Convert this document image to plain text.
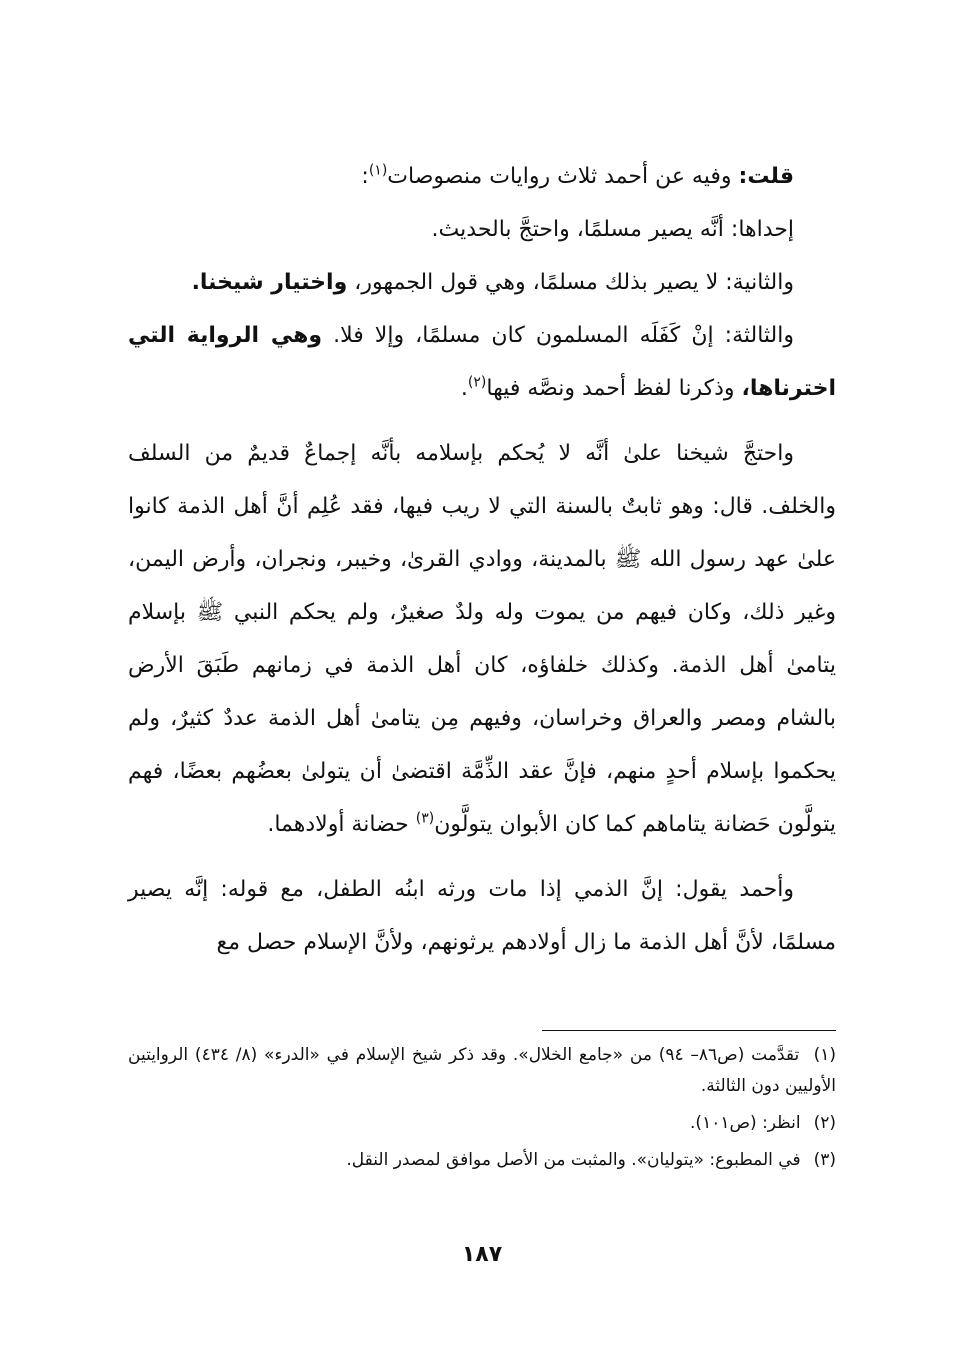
قلت: وفيه عن أحمد ثلاث روايات منصوصات$^{(١)}$:

إحداها: أنَّه يصير مسلمًا، واحتجَّ بالحديث.

والثانية: لا يصير بذلك مسلمًا، وهي قول الجمهور، واختيار شيخنا.

والثالثة: إنْ كَفَلَه المسلمون كان مسلمًا، وإلا فلا. وهي الرواية التي اخترناها، وذكرنا لفظ أحمد ونصَّه فيها$^{(٢)}$.

واحتجَّ شيخنا علىٰ أنَّه لا يُحكم بإسلامه بأنَّه إجماعٌ قديمٌ من السلف والخلف. قال: وهو ثابتٌ بالسنة التي لا ريب فيها، فقد عُلِم أنَّ أهل الذمة كانوا علىٰ عهد رسول الله ﷺ بالمدينة، ووادي القرىٰ، وخيبر، ونجران، وأرض اليمن، وغير ذلك، وكان فيهم من يموت وله ولدٌ صغيرٌ، ولم يحكم النبي ﷺ بإسلام يتامىٰ أهل الذمة. وكذلك خلفاؤه، كان أهل الذمة في زمانهم طَبَقَ الأرض بالشام ومصر والعراق وخراسان، وفيهم مِن يتامىٰ أهل الذمة عددٌ كثيرٌ، ولم يحكموا بإسلام أحدٍ منهم، فإنَّ عقد الذِّمَّة اقتضىٰ أن يتولىٰ بعضُهم بعضًا، فهم يتولَّون حَضانة يتاماهم كما كان الأبوان يتولَّون$^{(٣)}$ حضانة أولادهما.

وأحمد يقول: إنَّ الذمي إذا مات ورثه ابنُه الطفل، مع قوله: إنَّه يصير مسلمًا، لأنَّ أهل الذمة ما زال أولادهم يرثونهم، ولأنَّ الإسلام حصل مع

(١) تقدَّمت (ص٨٦– ٩٤) من «جامع الخلال». وقد ذكر شيخ الإسلام في «الدرء» (٨/ ٤٣٤) الروايتين الأوليين دون الثالثة.

(٢) انظر: (ص١٠١).

(٣) في المطبوع: «يتوليان». والمثبت من الأصل موافق لمصدر النقل.

١٨٧
